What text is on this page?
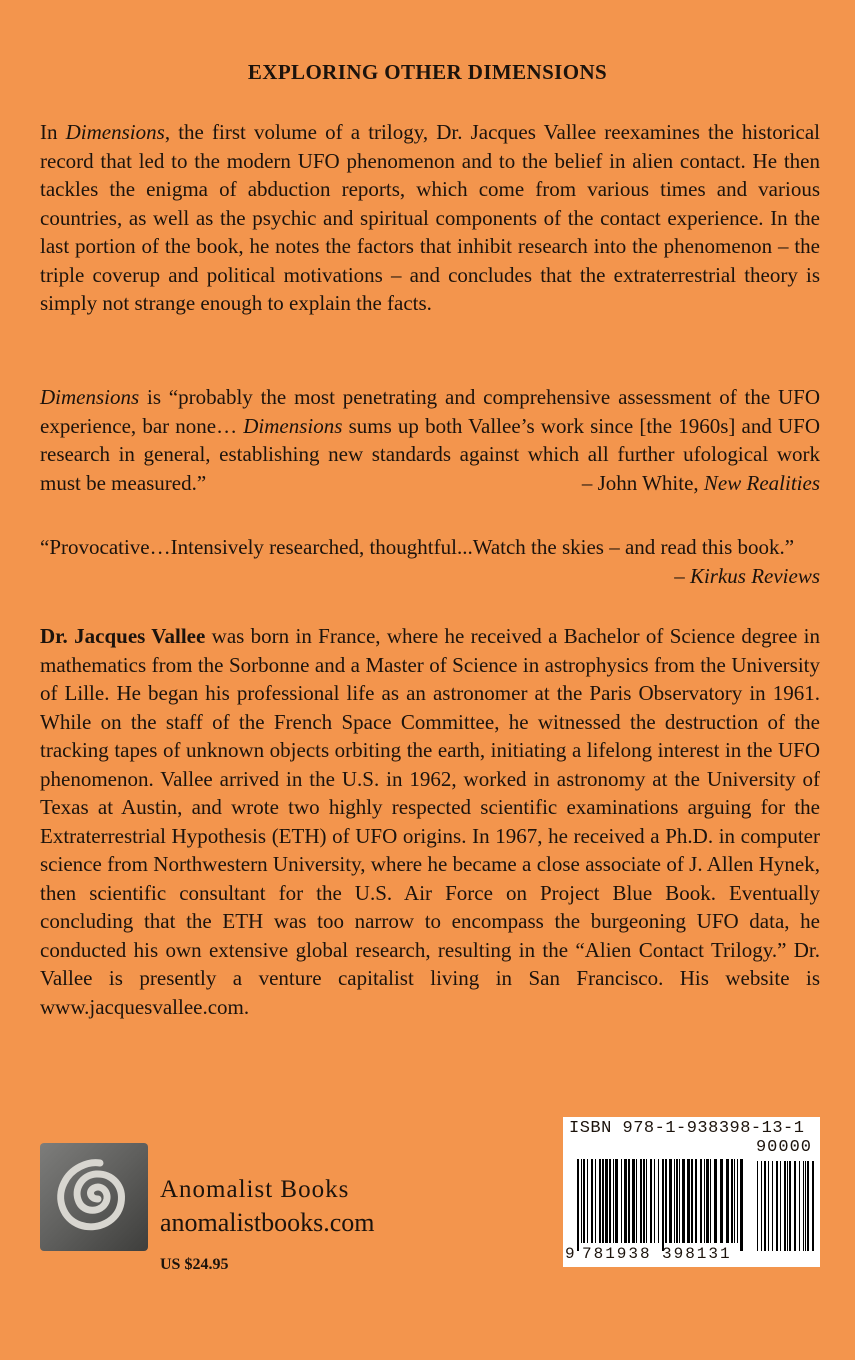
EXPLORING OTHER DIMENSIONS
In Dimensions, the first volume of a trilogy, Dr. Jacques Vallee reexamines the historical record that led to the modern UFO phenomenon and to the belief in alien contact. He then tackles the enigma of abduction reports, which come from various times and various countries, as well as the psychic and spiritual components of the contact experience. In the last portion of the book, he notes the factors that inhibit research into the phenomenon – the triple coverup and political motivations – and concludes that the extraterrestrial theory is simply not strange enough to explain the facts.
Dimensions is “probably the most penetrating and comprehensive assessment of the UFO experience, bar none… Dimensions sums up both Vallee’s work since [the 1960s] and UFO research in general, establishing new standards against which all further ufological work must be measured.”	– John White, New Realities
“Provocative…Intensively researched, thoughtful...Watch the skies – and read this book.”
– Kirkus Reviews
Dr. Jacques Vallee was born in France, where he received a Bachelor of Science degree in mathematics from the Sorbonne and a Master of Science in astrophysics from the University of Lille. He began his professional life as an astronomer at the Paris Observatory in 1961. While on the staff of the French Space Committee, he witnessed the destruction of the tracking tapes of unknown objects orbiting the earth, initiating a lifelong interest in the UFO phenomenon. Vallee arrived in the U.S. in 1962, worked in astronomy at the University of Texas at Austin, and wrote two highly respected scientific examinations arguing for the Extraterrestrial Hypothesis (ETH) of UFO origins. In 1967, he received a Ph.D. in computer science from Northwestern University, where he became a close associate of J. Allen Hynek, then scientific consultant for the U.S. Air Force on Project Blue Book. Eventually concluding that the ETH was too narrow to encompass the burgeoning UFO data, he conducted his own extensive global research, resulting in the “Alien Contact Trilogy.” Dr. Vallee is presently a venture capitalist living in San Francisco. His website is www.jacquesvallee.com.
Anomalist Books
anomalistbooks.com
US $24.95
ISBN 978-1-938398-13-1
90000
9 781938 398131
